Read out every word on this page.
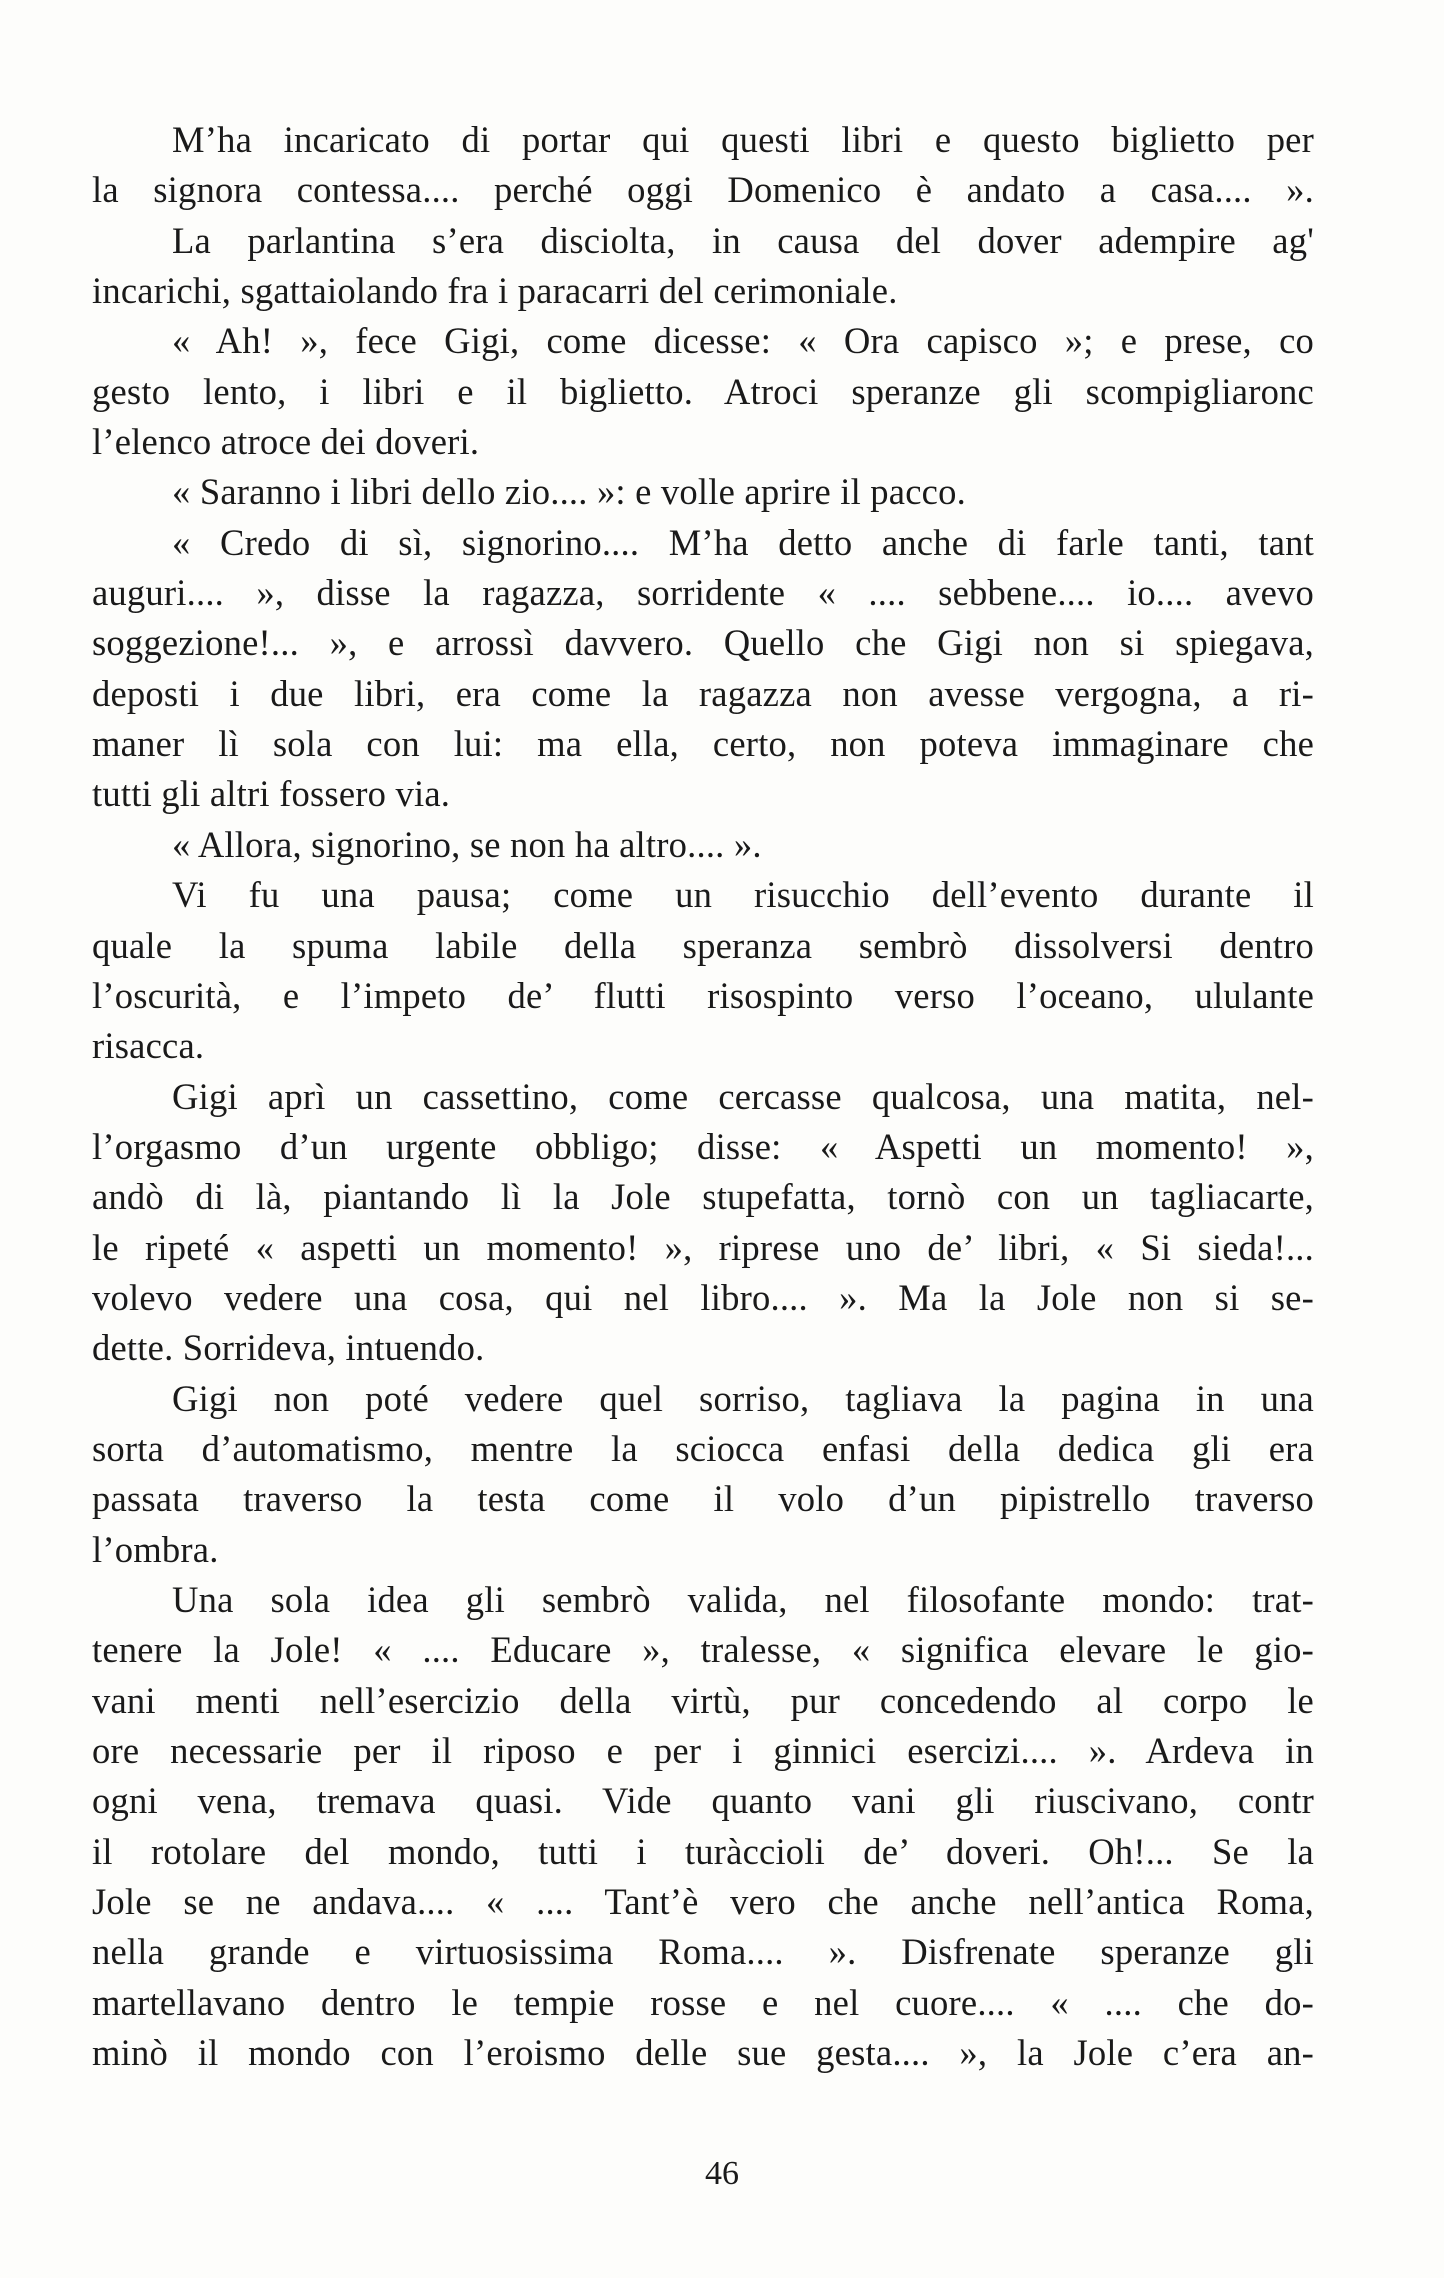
M’ha incaricato di portar qui questi libri e questo biglietto per
la signora contessa.... perché oggi Domenico è andato a casa.... ».
La parlantina s’era disciolta, in causa del dover adempire ag'
incarichi, sgattaiolando fra i paracarri del cerimoniale.
« Ah! », fece Gigi, come dicesse: « Ora capisco »; e prese, co
gesto lento, i libri e il biglietto. Atroci speranze gli scompigliaronc
l’elenco atroce dei doveri.
« Saranno i libri dello zio.... »: e volle aprire il pacco.
« Credo di sì, signorino.... M’ha detto anche di farle tanti, tant
auguri.... », disse la ragazza, sorridente « .... sebbene.... io.... avevo
soggezione!... », e arrossì davvero. Quello che Gigi non si spiegava,
deposti i due libri, era come la ragazza non avesse vergogna, a ri-
maner lì sola con lui: ma ella, certo, non poteva immaginare che
tutti gli altri fossero via.
« Allora, signorino, se non ha altro.... ».
Vi fu una pausa; come un risucchio dell’evento durante il
quale la spuma labile della speranza sembrò dissolversi dentro
l’oscurità, e l’impeto de’ flutti risospinto verso l’oceano, ululante
risacca.
Gigi aprì un cassettino, come cercasse qualcosa, una matita, nel-
l’orgasmo d’un urgente obbligo; disse: « Aspetti un momento! »,
andò di là, piantando lì la Jole stupefatta, tornò con un tagliacarte,
le ripeté « aspetti un momento! », riprese uno de’ libri, « Si sieda!...
volevo vedere una cosa, qui nel libro.... ». Ma la Jole non si se-
dette. Sorrideva, intuendo.
Gigi non poté vedere quel sorriso, tagliava la pagina in una
sorta d’automatismo, mentre la sciocca enfasi della dedica gli era
passata traverso la testa come il volo d’un pipistrello traverso
l’ombra.
Una sola idea gli sembrò valida, nel filosofante mondo: trat-
tenere la Jole! « .... Educare », tralesse, « significa elevare le gio-
vani menti nell’esercizio della virtù, pur concedendo al corpo le
ore necessarie per il riposo e per i ginnici esercizi.... ». Ardeva in
ogni vena, tremava quasi. Vide quanto vani gli riuscivano, contr
il rotolare del mondo, tutti i turàccioli de’ doveri. Oh!... Se la
Jole se ne andava.... « .... Tant’è vero che anche nell’antica Roma,
nella grande e virtuosissima Roma.... ». Disfrenate speranze gli
martellavano dentro le tempie rosse e nel cuore.... « .... che do-
minò il mondo con l’eroismo delle sue gesta.... », la Jole c’era an-
46
